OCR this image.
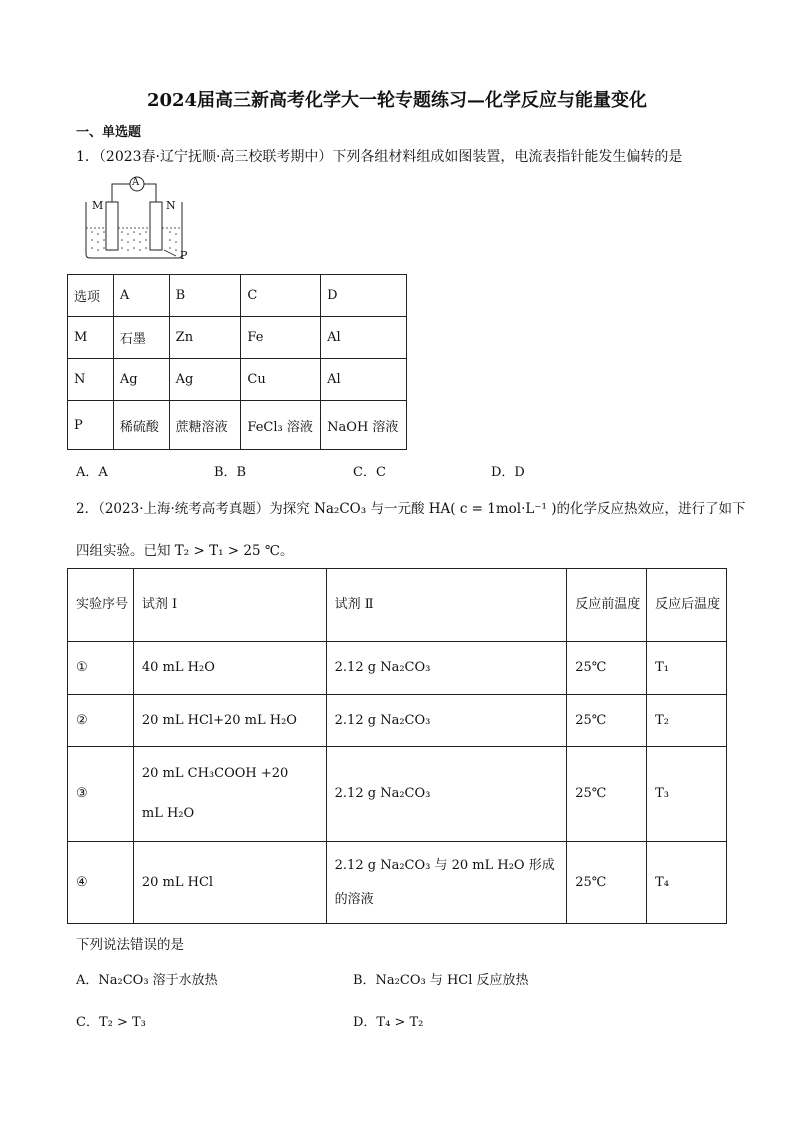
2024届高三新高考化学大一轮专题练习—化学反应与能量变化
一、单选题
1．（2023春·辽宁抚顺·高三校联考期中）下列各组材料组成如图装置，电流表指针能发生偏转的是
A
M	N
P
选项	A	B	C	D
M	石墨	Zn	Fe	Al
N	Ag	Ag	Cu	Al
P	稀硫酸	蔗糖溶液	FeCl₃ 溶液	NaOH 溶液
A．A	B．B	C．C	D．D
2．（2023·上海·统考高考真题）为探究 Na₂CO₃ 与一元酸 HA( c = 1mol·L⁻¹ )的化学反应热效应，进行了如下
四组实验。已知 T₂ > T₁ > 25 ℃。
实验序号	试剂 I	试剂 Ⅱ	反应前温度	反应后温度
①	40 mL H₂O	2.12 g Na₂CO₃	25℃	T₁
②	20 mL HCl+20 mL H₂O	2.12 g Na₂CO₃	25℃	T₂
③	20 mL CH₃COOH +20 mL H₂O	2.12 g Na₂CO₃	25℃	T₃
④	20 mL HCl	2.12 g Na₂CO₃ 与 20 mL H₂O 形成的溶液	25℃	T₄
下列说法错误的是
A．Na₂CO₃ 溶于水放热	B．Na₂CO₃ 与 HCl 反应放热
C．T₂ > T₃	D．T₄ > T₂
